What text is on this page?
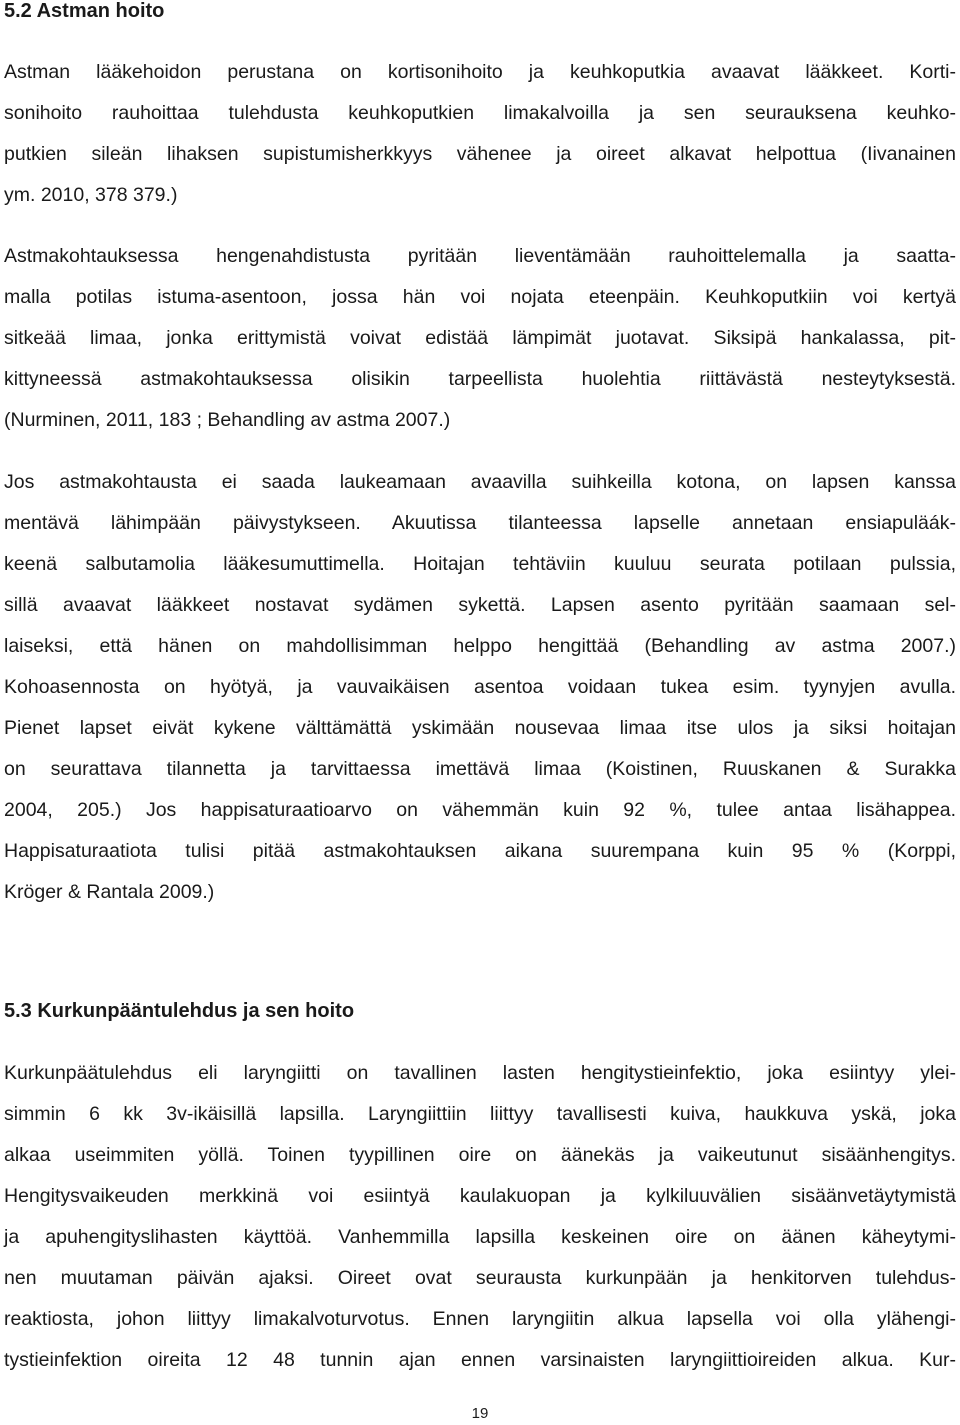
5.2 Astman hoito

Astman lääkehoidon perustana on kortisonihoito ja keuhkoputkia avaavat lääkkeet. Korti-
sonihoito rauhoittaa tulehdusta keuhkoputkien limakalvoilla ja sen seurauksena keuhko-
putkien sileän lihaksen supistumisherkkyys vähenee ja oireet alkavat helpottua (Iivanainen
ym. 2010, 378 379.)

Astmakohtauksessa hengenahdistusta pyritään lieventämään rauhoittelemalla ja saatta-
malla potilas istuma-asentoon, jossa hän voi nojata eteenpäin. Keuhkoputkiin voi kertyä
sitkeää limaa, jonka erittymistä voivat edistää lämpimät juotavat. Siksipä hankalassa, pit-
kittyneessä astmakohtauksessa olisikin tarpeellista huolehtia riittävästä nesteytyksestä.
(Nurminen, 2011, 183 ; Behandling av astma 2007.)

Jos astmakohtausta ei saada laukeamaan avaavilla suihkeilla kotona, on lapsen kanssa
mentävä lähimpään päivystykseen. Akuutissa tilanteessa lapselle annetaan ensiapuläák-
keenä salbutamolia lääkesumuttimella. Hoitajan tehtäviin kuuluu seurata potilaan pulssia,
sillä avaavat lääkkeet nostavat sydämen sykettä. Lapsen asento pyritään saamaan sel-
laiseksi, että hänen on mahdollisimman helppo hengittää (Behandling av astma 2007.)
Kohoasennosta on hyötyä, ja vauvaikäisen asentoa voidaan tukea esim. tyynyjen avulla.
Pienet lapset eivät kykene välttämättä yskimään nousevaa limaa itse ulos ja siksi hoitajan
on seurattava tilannetta ja tarvittaessa imettävä limaa (Koistinen, Ruuskanen & Surakka
2004, 205.) Jos happisaturaatioarvo on vähemmän kuin 92 %, tulee antaa lisähappea.
Happisaturaatiota tulisi pitää astmakohtauksen aikana suurempana kuin 95 % (Korppi,
Kröger & Rantala 2009.)

5.3 Kurkunpääntulehdus ja sen hoito

Kurkunpäätulehdus eli laryngiitti on tavallinen lasten hengitystieinfektio, joka esiintyy ylei-
simmin 6 kk 3v-ikäisillä lapsilla. Laryngiittiin liittyy tavallisesti kuiva, haukkuva yskä, joka
alkaa useimmiten yöllä. Toinen tyypillinen oire on äänekäs ja vaikeutunut sisäänhengitys.
Hengitysvaikeuden merkkinä voi esiintyä kaulakuopan ja kylkiluuvälien sisäänvetäytymistä
ja apuhengityslihasten käyttöä. Vanhemmilla lapsilla keskeinen oire on äänen käheytymi-
nen muutaman päivän ajaksi. Oireet ovat seurausta kurkunpään ja henkitorven tulehdus-
reaktiosta, johon liittyy limakalvoturvotus. Ennen laryngiitin alkua lapsella voi olla ylähengi-
tystieinfektion oireita 12 48 tunnin ajan ennen varsinaisten laryngiittioireiden alkua. Kur-

19
